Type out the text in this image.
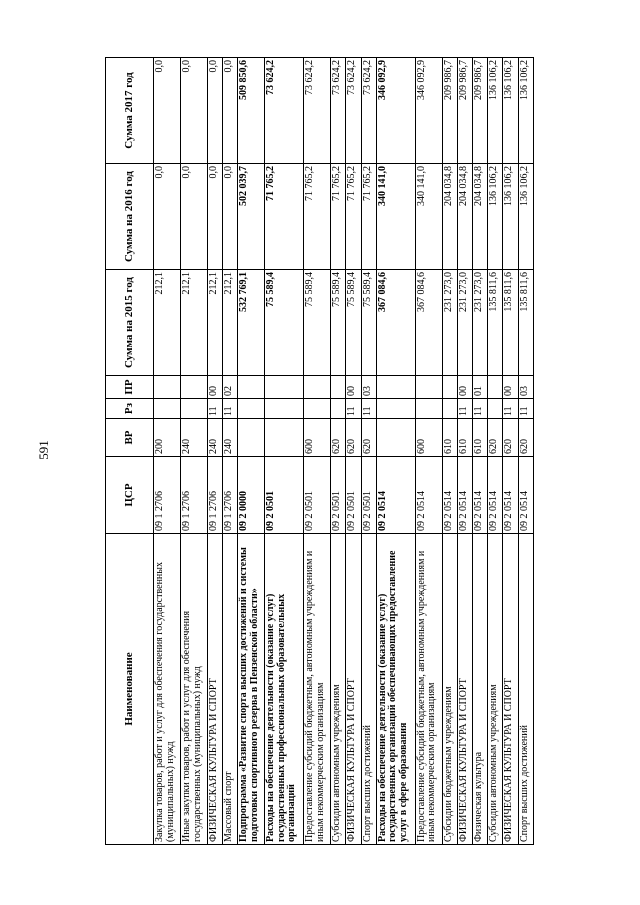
591
Наименование	ЦСР	ВР	Рз	ПР	Сумма на 2015 год	Сумма на 2016 год	Сумма 2017 год
Закупка товаров, работ и услуг для обеспечения государственных (муниципальных) нужд	09 1 2706	200			212,1	0,0	0,0
Иные закупки товаров, работ и услуг для обеспечения государственных (муниципальных) нужд	09 1 2706	240			212,1	0,0	0,0
ФИЗИЧЕСКАЯ КУЛЬТУРА И СПОРТ	09 1 2706	240	11	00	212,1	0,0	0,0
Массовый спорт	09 1 2706	240	11	02	212,1	0,0	0,0
Подпрограмма «Развитие спорта высших достижений и системы подготовки спортивного резерва в Пензенской области»	09 2 0000				532 769,1	502 039,7	509 850,6
Расходы на обеспечение деятельности (оказание услуг) государственных профессиональных образовательных организаций	09 2 0501				75 589,4	71 765,2	73 624,2
Предоставление субсидий бюджетным, автономным учреждениям и иным некоммерческим организациям	09 2 0501	600			75 589,4	71 765,2	73 624,2
Субсидии автономным учреждениям	09 2 0501	620			75 589,4	71 765,2	73 624,2
ФИЗИЧЕСКАЯ КУЛЬТУРА И СПОРТ	09 2 0501	620	11	00	75 589,4	71 765,2	73 624,2
Спорт высших достижений	09 2 0501	620	11	03	75 589,4	71 765,2	73 624,2
Расходы на обеспечение деятельности (оказание услуг) государственных организаций обеспечивающих предоставление услуг в сфере образования	09 2 0514				367 084,6	340 141,0	346 092,9
Предоставление субсидий бюджетным, автономным учреждениям и иным некоммерческим организациям	09 2 0514	600			367 084,6	340 141,0	346 092,9
Субсидии бюджетным учреждениям	09 2 0514	610			231 273,0	204 034,8	209 986,7
ФИЗИЧЕСКАЯ КУЛЬТУРА И СПОРТ	09 2 0514	610	11	00	231 273,0	204 034,8	209 986,7
Физическая культура	09 2 0514	610	11	01	231 273,0	204 034,8	209 986,7
Субсидии автономным учреждениям	09 2 0514	620			135 811,6	136 106,2	136 106,2
ФИЗИЧЕСКАЯ КУЛЬТУРА И СПОРТ	09 2 0514	620	11	00	135 811,6	136 106,2	136 106,2
Спорт высших достижений	09 2 0514	620	11	03	135 811,6	136 106,2	136 106,2
